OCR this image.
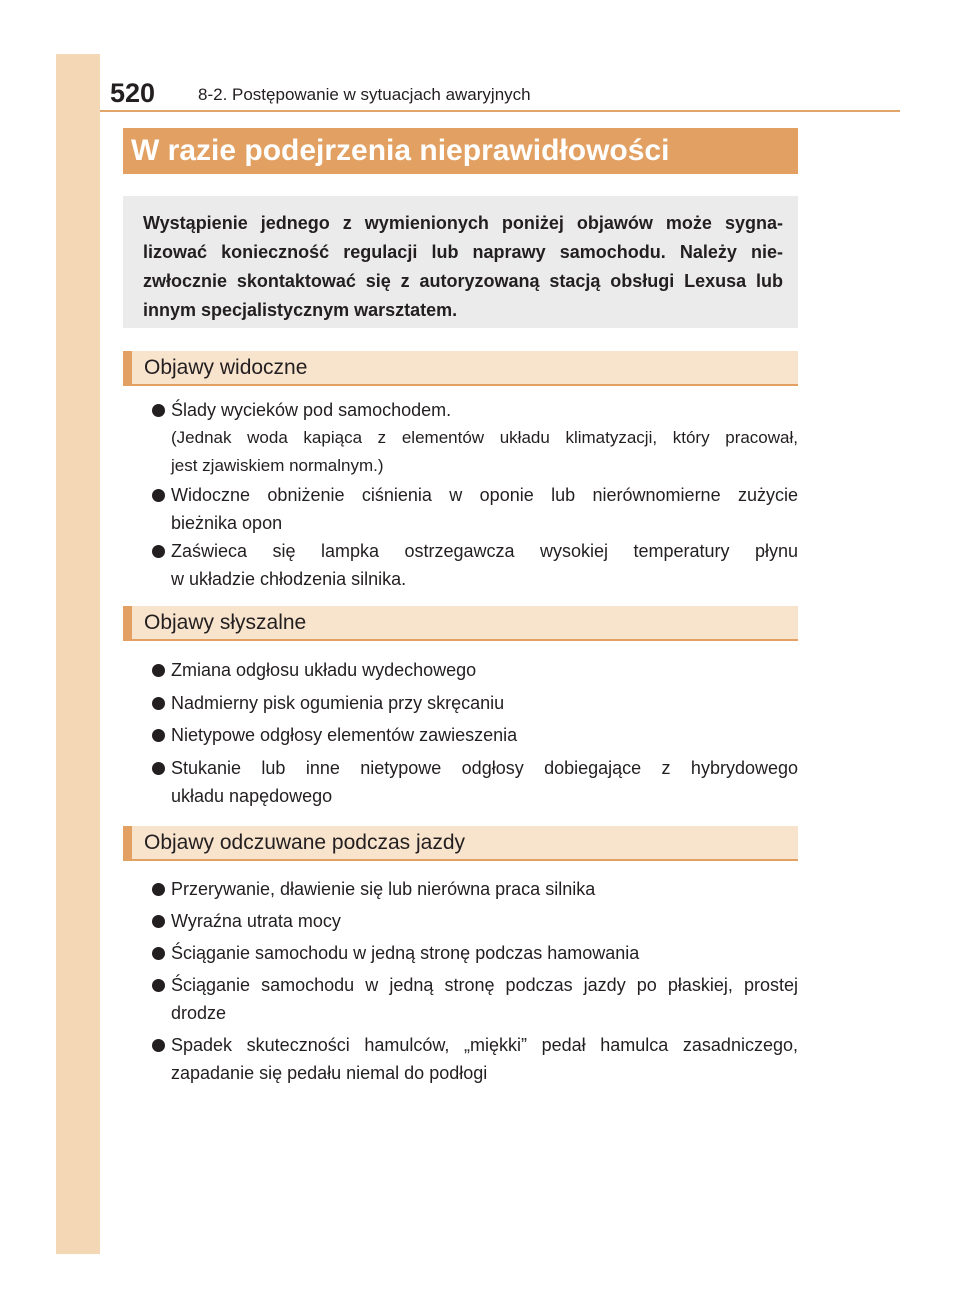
520	8-2. Postępowanie w sytuacjach awaryjnych
W razie podejrzenia nieprawidłowości
Wystąpienie jednego z wymienionych poniżej objawów może sygna-
lizować konieczność regulacji lub naprawy samochodu. Należy nie-
zwłocznie skontaktować się z autoryzowaną stacją obsługi Lexusa lub
innym specjalistycznym warsztatem.
Objawy widoczne
Ślady wycieków pod samochodem.
(Jednak woda kapiąca z elementów układu klimatyzacji, który pracował,
jest zjawiskiem normalnym.)
Widoczne obniżenie ciśnienia w oponie lub nierównomierne zużycie
bieżnika opon
Zaświeca się lampka ostrzegawcza wysokiej temperatury płynu
w układzie chłodzenia silnika.
Objawy słyszalne
Zmiana odgłosu układu wydechowego
Nadmierny pisk ogumienia przy skręcaniu
Nietypowe odgłosy elementów zawieszenia
Stukanie lub inne nietypowe odgłosy dobiegające z hybrydowego
układu napędowego
Objawy odczuwane podczas jazdy
Przerywanie, dławienie się lub nierówna praca silnika
Wyraźna utrata mocy
Ściąganie samochodu w jedną stronę podczas hamowania
Ściąganie samochodu w jedną stronę podczas jazdy po płaskiej, prostej
drodze
Spadek skuteczności hamulców, „miękki” pedał hamulca zasadniczego,
zapadanie się pedału niemal do podłogi
